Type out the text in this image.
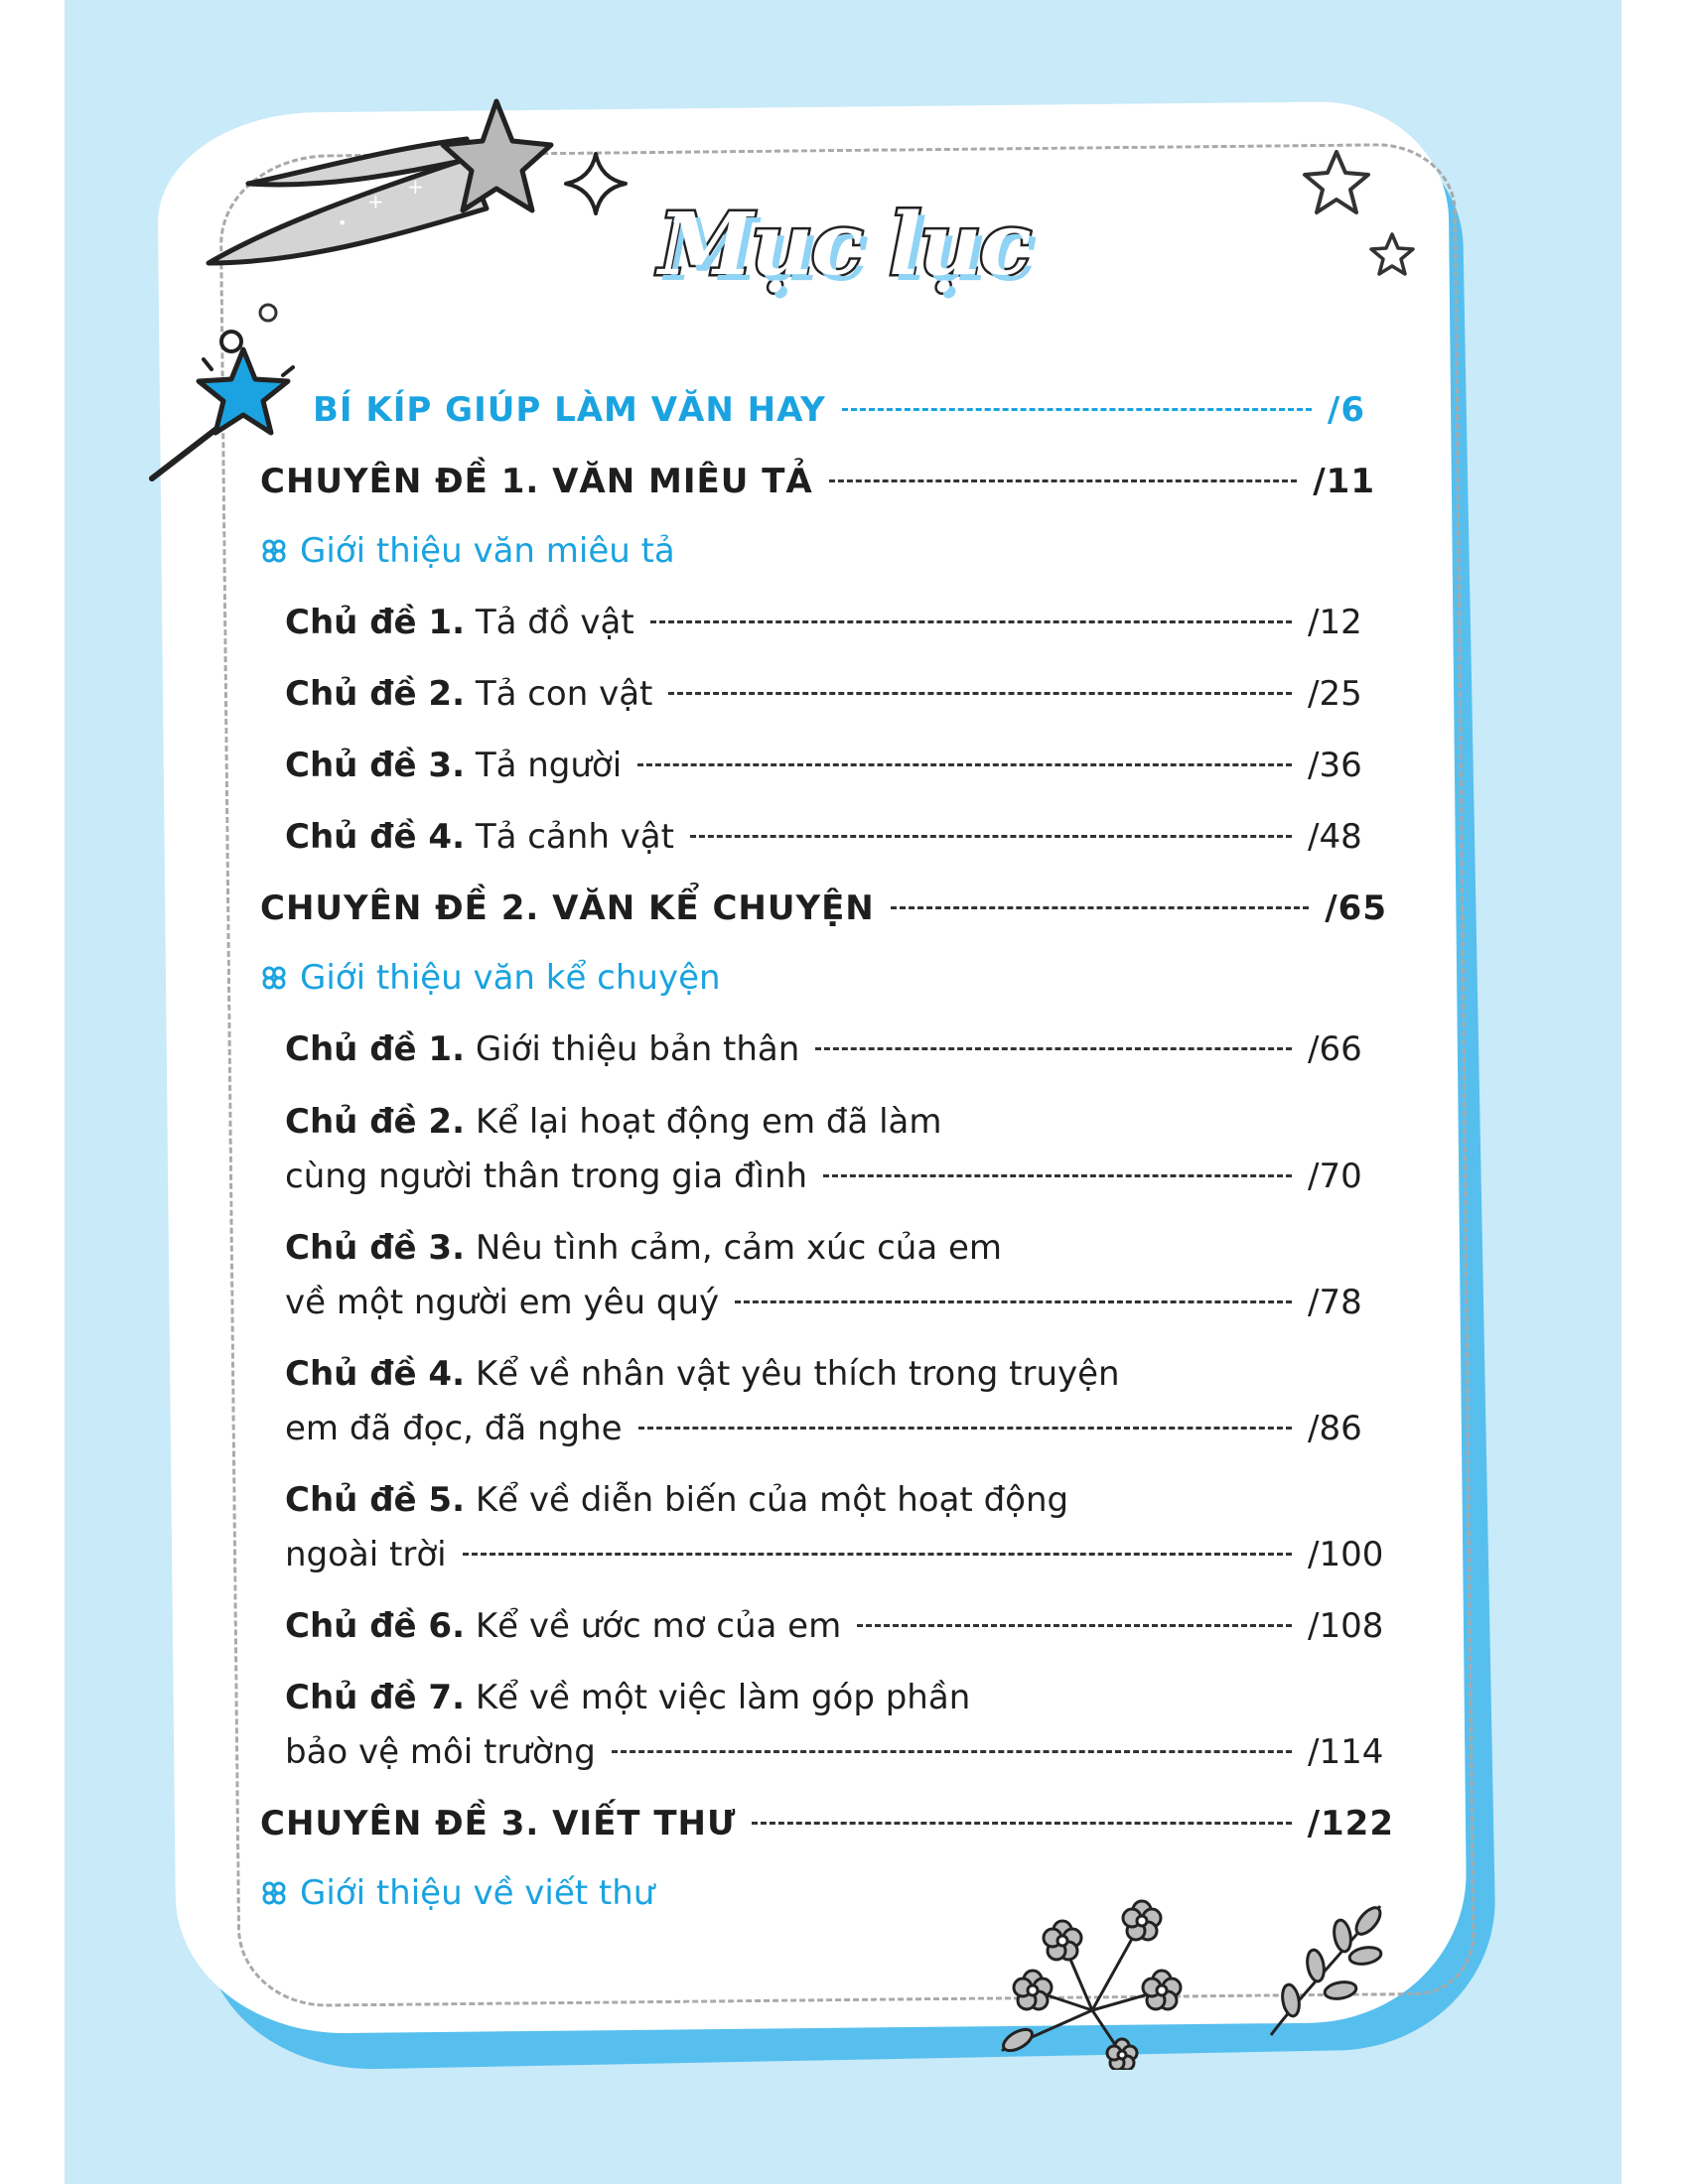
+
+
•	Mục lục
BÍ KÍP GIÚP LÀM VĂN HAY	/6
CHUYÊN ĐỀ 1. VĂN MIÊU TẢ	/11
Giới thiệu văn miêu tả
Chủ đề 1. Tả đồ vật	/12
Chủ đề 2. Tả con vật	/25
Chủ đề 3. Tả người	/36
Chủ đề 4. Tả cảnh vật	/48
CHUYÊN ĐỀ 2. VĂN KỂ CHUYỆN	/65
Giới thiệu văn kể chuyện
Chủ đề 1. Giới thiệu bản thân	/66
Chủ đề 2. Kể lại hoạt động em đã làm
cùng người thân trong gia đình	/70
Chủ đề 3. Nêu tình cảm, cảm xúc của em
về một người em yêu quý	/78
Chủ đề 4. Kể về nhân vật yêu thích trong truyện
em đã đọc, đã nghe	/86
Chủ đề 5. Kể về diễn biến của một hoạt động
ngoài trời	/100
Chủ đề 6. Kể về ước mơ của em	/108
Chủ đề 7. Kể về một việc làm góp phần
bảo vệ môi trường	/114
CHUYÊN ĐỀ 3. VIẾT THƯ	/122
Giới thiệu về viết thư
